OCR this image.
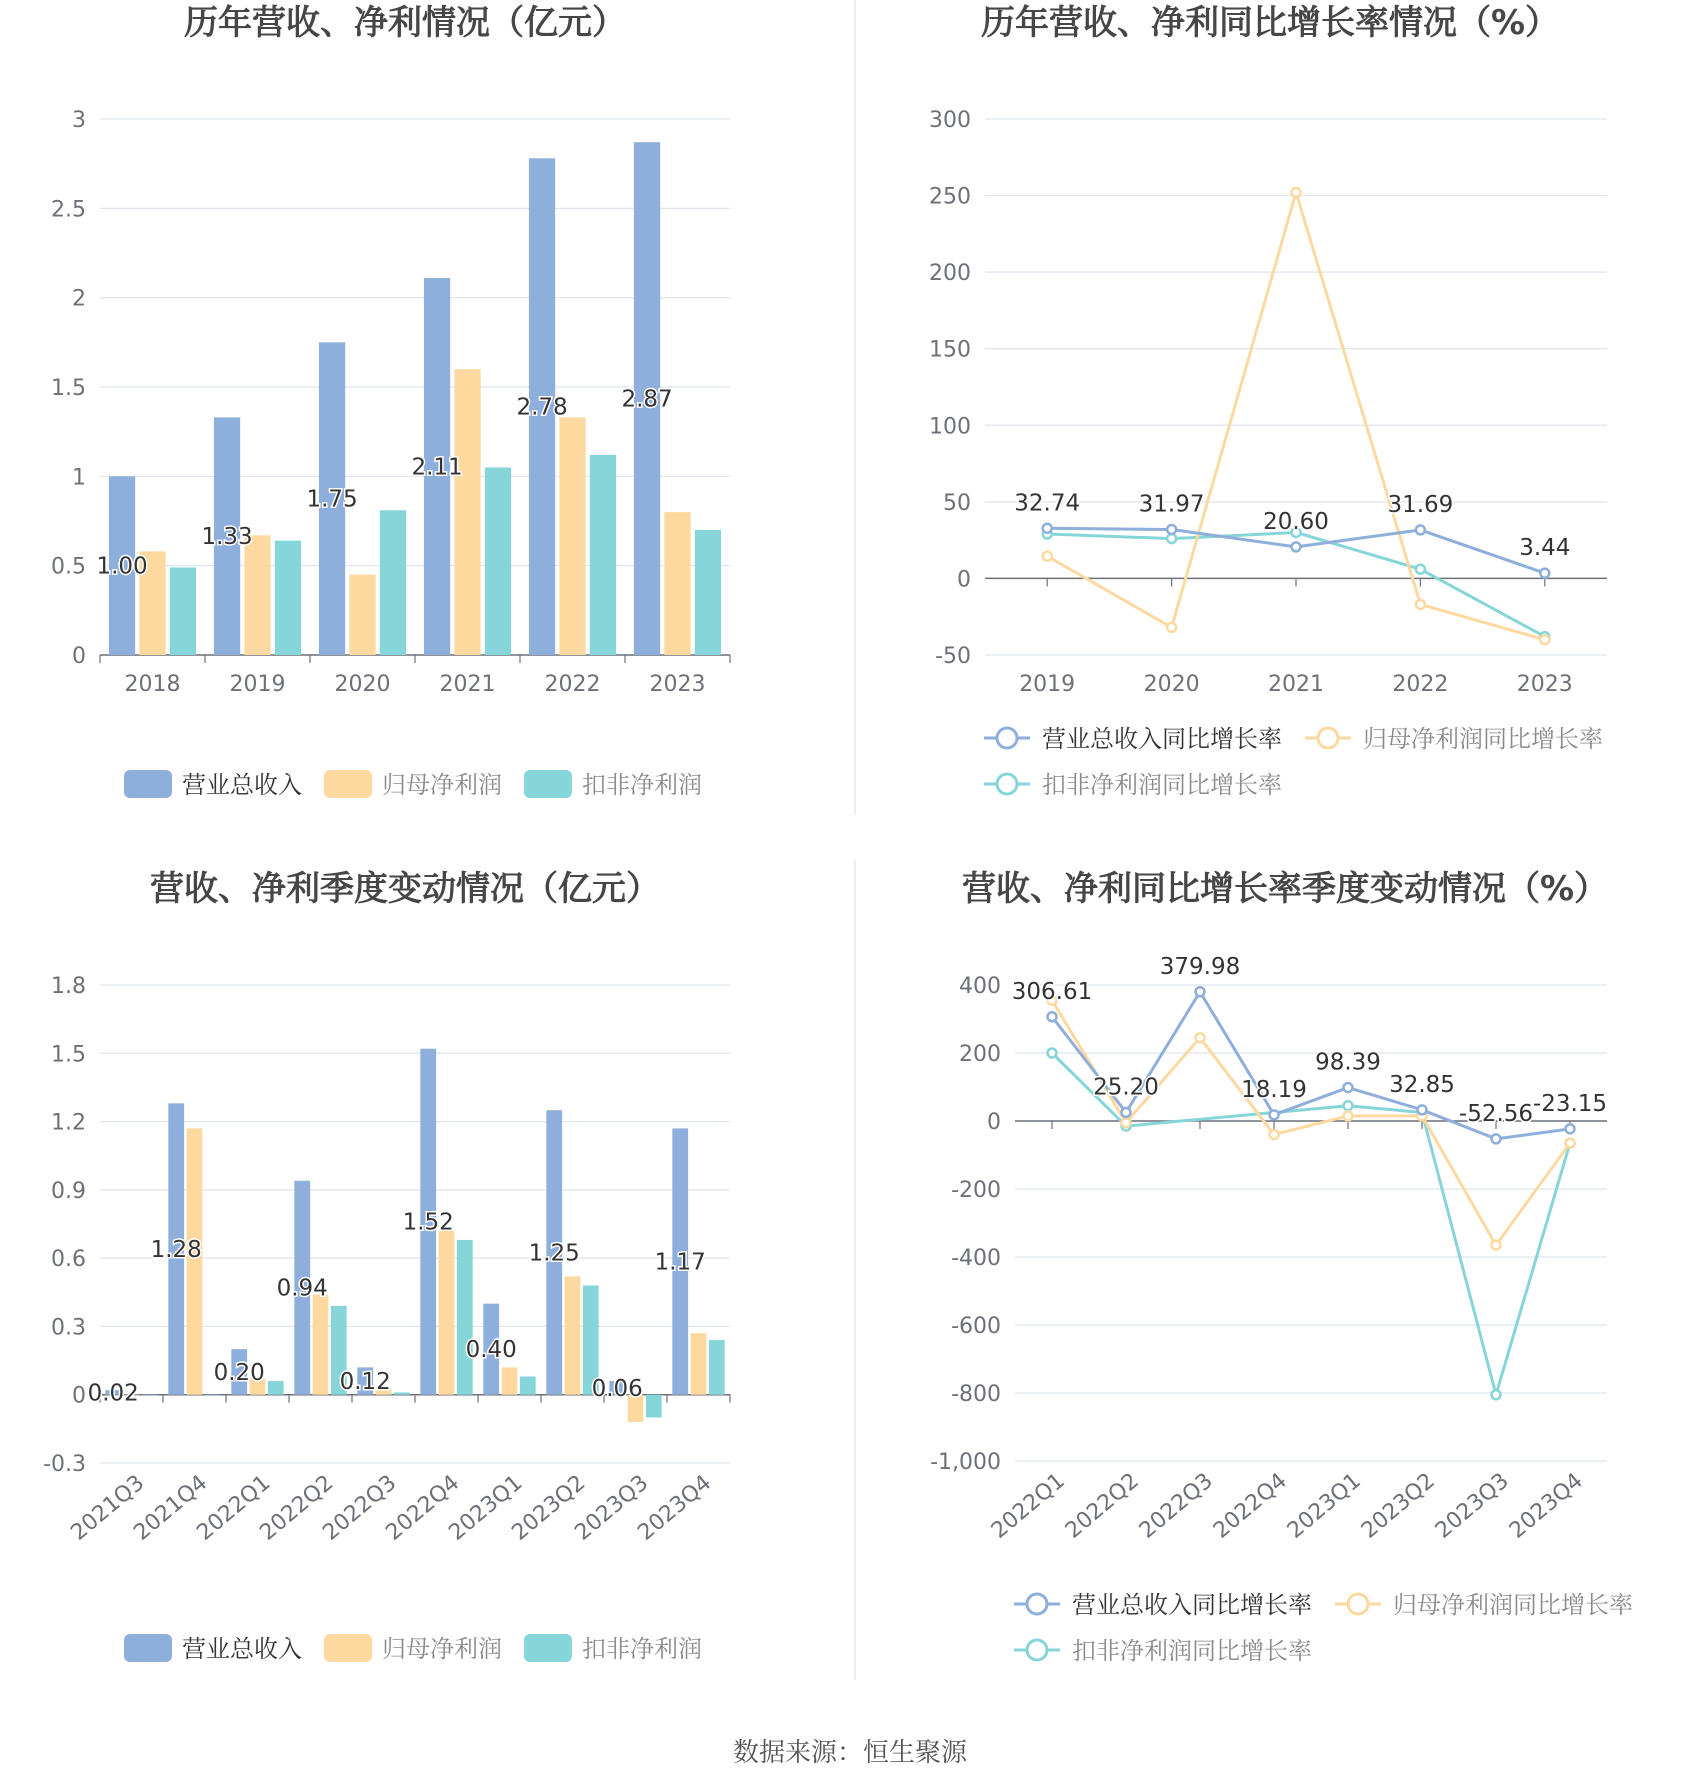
历年营收、净利情况（亿元）
0
0.5
1
1.5
2
2.5
3
2018 2019 2020 2021 2022 2023
1.00
1.33
1.75
2.11
2.78 2.87
营业总收入	归母净利润	扣非净利润
历年营收、净利同比增长率情况（%）
-50
0
50
100
150
200
250
300
2019	2020	2021	2022	2023
32.74	31.97
20.60
31.69
3.44
营业总收入同比增长率	归母净利润同比增长率
扣非净利润同比增长率
营收、净利季度变动情况（亿元）
-0.3
0
0.3
0.6
0.9
1.2
1.5
1.8
2021Q3
2021Q4
2022Q1
2022Q2
2022Q3
2022Q4
2023Q1
2023Q2
2023Q3
2023Q4
0.02
1.28
0.20
0.94
0.12
1.52
0.40
1.25
0.06
1.17
营业总收入	归母净利润	扣非净利润
营收、净利同比增长率季度变动情况（%）
-1,000
-800
-600
-400
-200
0
200
400
2022Q1
2022Q2
2022Q3
2022Q4
2023Q1
2023Q2
2023Q3
2023Q4
306.61
25.20
379.98
18.19
98.39
32.85
-52.56 -23.15
营业总收入同比增长率	归母净利润同比增长率
扣非净利润同比增长率
数据来源：恒生聚源
